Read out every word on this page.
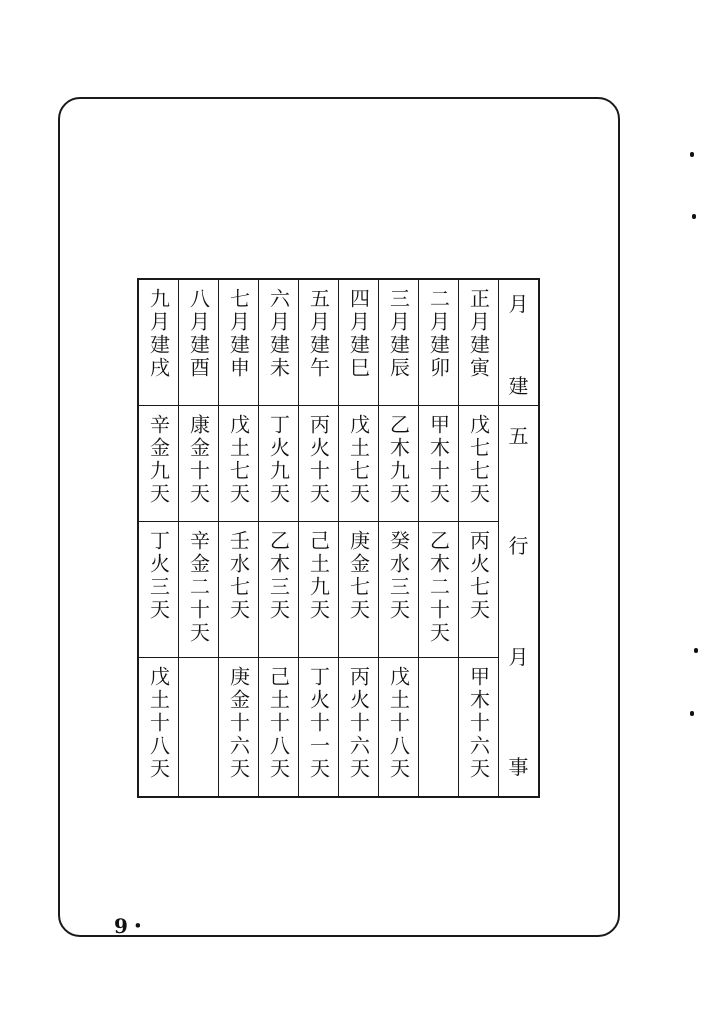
月
建
五
行
月
事
正月建寅
戊七七天
丙火七天
甲木十六天
二月建卯
甲木十天
乙木二十天
三月建辰
乙木九天
癸水三天
戊土十八天
四月建巳
戊土七天
庚金七天
丙火十六天
五月建午
丙火十天
己土九天
丁火十一天
六月建未
丁火九天
乙木三天
己土十八天
七月建申
戊土七天
壬水七天
庚金十六天
八月建酉
康金十天
辛金二十天
九月建戌
辛金九天
丁火三天
戊土十八天
9・
